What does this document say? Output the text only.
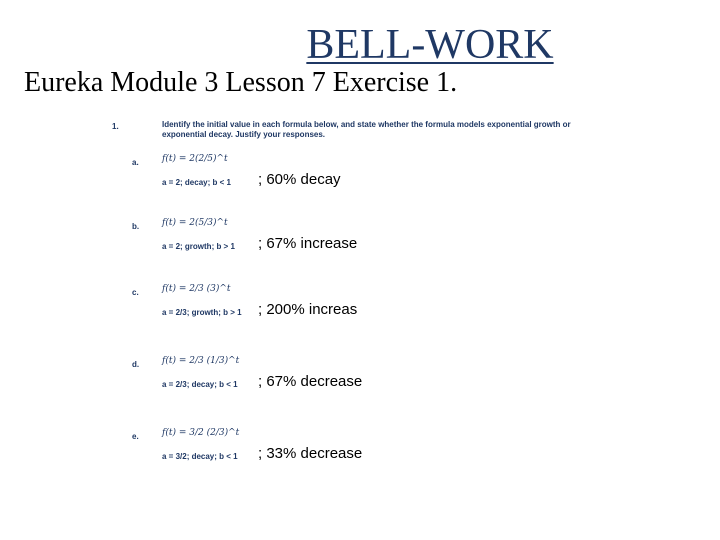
BELL-WORK
Eureka Module 3 Lesson 7 Exercise 1.
1.	Identify the initial value in each formula below, and state whether the formula models exponential growth or exponential decay. Justify your responses.
a.	f(t) = 2(2/5)^t
a = 2; decay; b < 1 ; 60% decay
b.	f(t) = 2(5/3)^t
a = 2; growth; b > 1 ; 67% increase
c.	f(t) = 2/3 (3)^t
a = 2/3; growth; b > 1 ; 200% increas
d.	f(t) = 2/3 (1/3)^t
a = 2/3; decay; b < 1 ; 67% decrease
e.	f(t) = 3/2 (2/3)^t
a = 3/2; decay; b < 1 ; 33% decrease
